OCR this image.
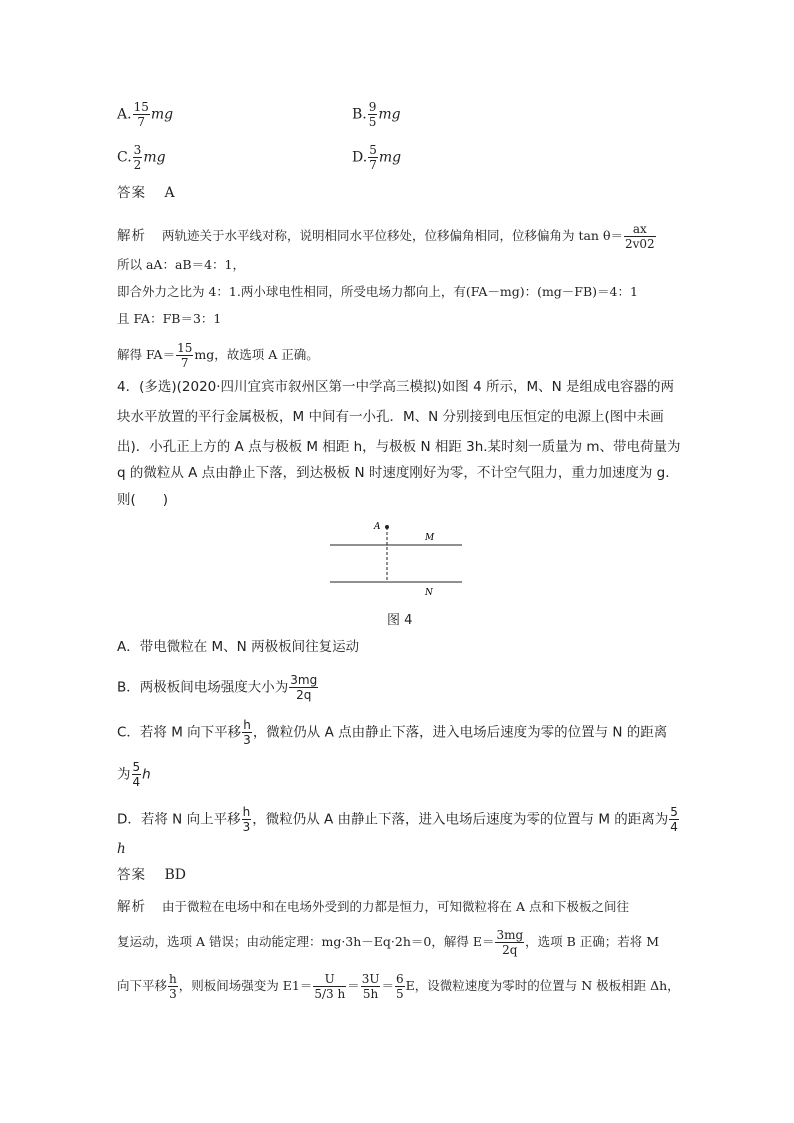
A. $\frac{15}{7}$ mg	B. $\frac{9}{5}$ mg
C. $\frac{3}{2}$ mg	D. $\frac{5}{7}$ mg
答案 A
解析 两轨迹关于水平线对称，说明相同水平位移处，位移偏角相同，位移偏角为 $\tan \theta= \frac{ax}{2v02}$
所以 aA：aB＝4：1，
即合外力之比为 4：1.两小球电性相同，所受电场力都向上，有(FA－mg)：(mg－FB)＝4：1
且 FA：FB＝3：1
解得 $FA= \frac{15}{7}$ mg，故选项 A 正确。
4．(多选)(2020·四川宜宾市叙州区第一中学高三模拟)如图 4 所示，M、N 是组成电容器的两
块水平放置的平行金属极板，M 中间有一小孔．M、N 分别接到电压恒定的电源上(图中未画
出)．小孔正上方的 A 点与极板 M 相距 h，与极板 N 相距 3h.某时刻一质量为 m、带电荷量为
q 的微粒从 A 点由静止下落，到达极板 N 时速度刚好为零，不计空气阻力，重力加速度为 g.
则(　　)
A
M
N
图 4
A．带电微粒在 M、N 两极板间往复运动
B．两极板间电场强度大小为 $\frac{3mg}{2q}$
C．若将 M 向下平移 $\frac{h}{3}$ ，微粒仍从 A 点由静止下落，进入电场后速度为零的位置与 N 的距离
为 $\frac{5}{4}$ h
D．若将 N 向上平移 $\frac{h}{3}$ ，微粒仍从 A 由静止下落，进入电场后速度为零的位置与 M 的距离为 $\frac{5}{4}$
h
答案 BD
解析 由于微粒在电场中和在电场外受到的力都是恒力，可知微粒将在 A 点和下极板之间往
复运动，选项 A 错误；由动能定理：mg·3h－Eq·2h＝0，解得 $E= \frac{3mg}{2q}$ ，选项 B 正确；若将 M
向下平移 $\frac{h}{3}$ ，则板间场强变为 $E1= \frac{U}{5/3 h} = \frac{3U}{5h} = \frac{6}{5}$ E，设微粒速度为零时的位置与 N 极板相距 Δh，
